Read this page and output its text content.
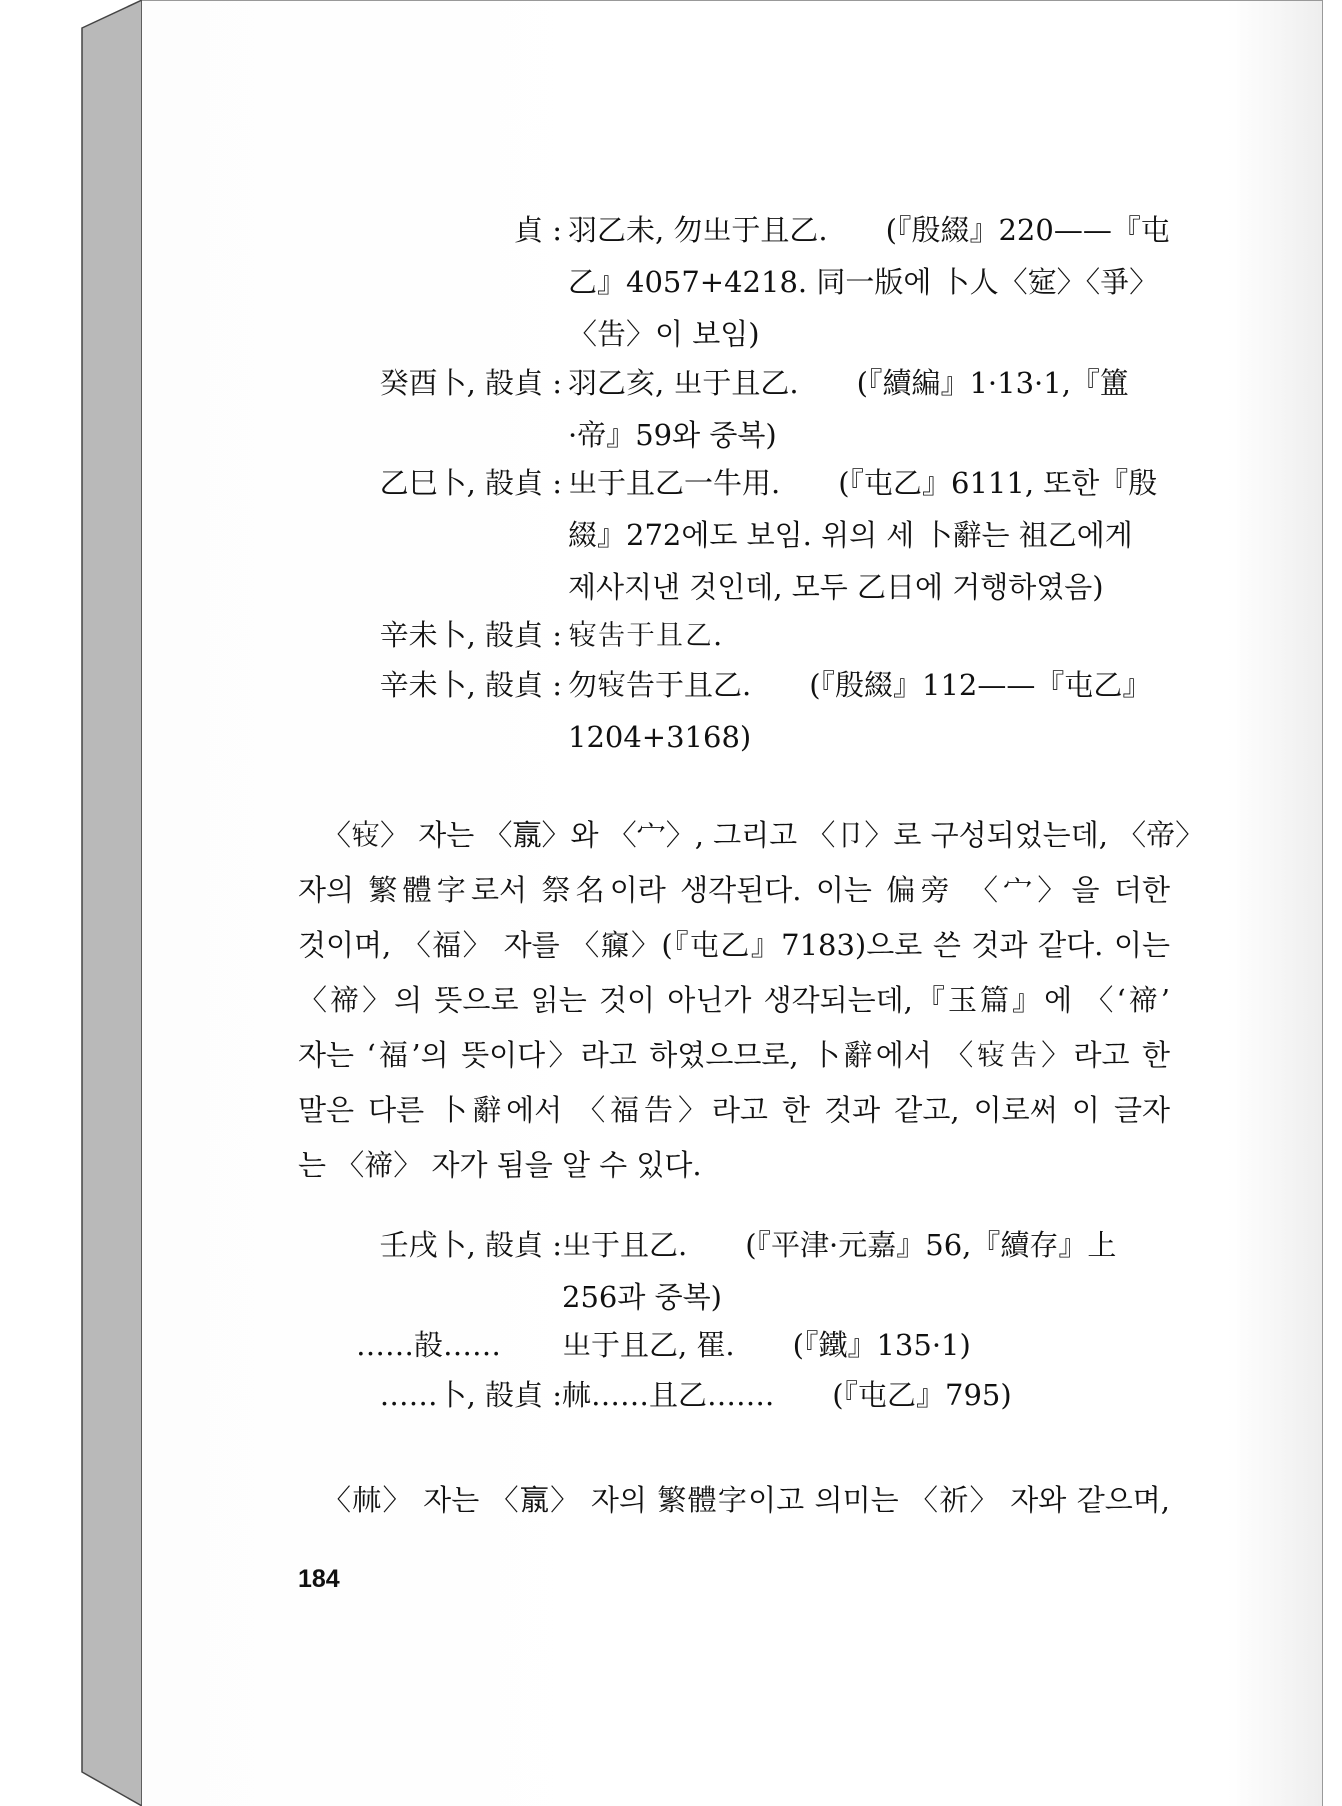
貞 : 羽乙未, 勿㞢于且乙.　　(『殷綴』220——『屯
乙』4057+4218. 同一版에 卜人〈㝚〉〈爭〉
〈吿〉이 보임)
癸酉卜, 㱿貞 : 羽乙亥, 㞢于且乙.　　(『續編』1·13·1,『簠
·帝』59와 중복)
乙巳卜, 㱿貞 : 㞢于且乙一牛用.　　(『屯乙』6111, 또한『殷
綴』272에도 보임. 위의 세 卜辭는 祖乙에게
제사지낸 것인데, 모두 乙日에 거행하였음)
辛未卜, 㱿貞 : 𡨣告于且乙.
辛未卜, 㱿貞 : 勿𡨣告于且乙.　　(『殷綴』112——『屯乙』
1204+3168)
〈𡨣〉 자는 〈𣎆〉와 〈宀〉, 그리고 〈卩〉로 구성되었는데, 〈帝〉
자의 繁體字로서 祭名이라 생각된다. 이는 偏旁 〈宀〉을 더한
것이며, 〈福〉 자를 〈䆿〉(『屯乙』7183)으로 쓴 것과 같다. 이는
〈禘〉의 뜻으로 읽는 것이 아닌가 생각되는데,『玉篇』에 〈‘禘’
자는 ‘福’의 뜻이다〉라고 하였으므로, 卜辭에서 〈𡨣告〉라고 한
말은 다른 卜辭에서 〈福告〉라고 한 것과 같고, 이로써 이 글자
는 〈禘〉 자가 됨을 알 수 있다.
壬戌卜, 㱿貞 : 㞢于且乙.　　(『平津·元嘉』56,『續存』上
256과 중복)
……㱿…… 㞢于且乙, 䍜.　　(『鐵』135·1)
……卜, 㱿貞 : 𣏟……且乙…….　　(『屯乙』795)
〈𣏟〉 자는 〈𣎆〉 자의 繁體字이고 의미는 〈祈〉 자와 같으며,
184
